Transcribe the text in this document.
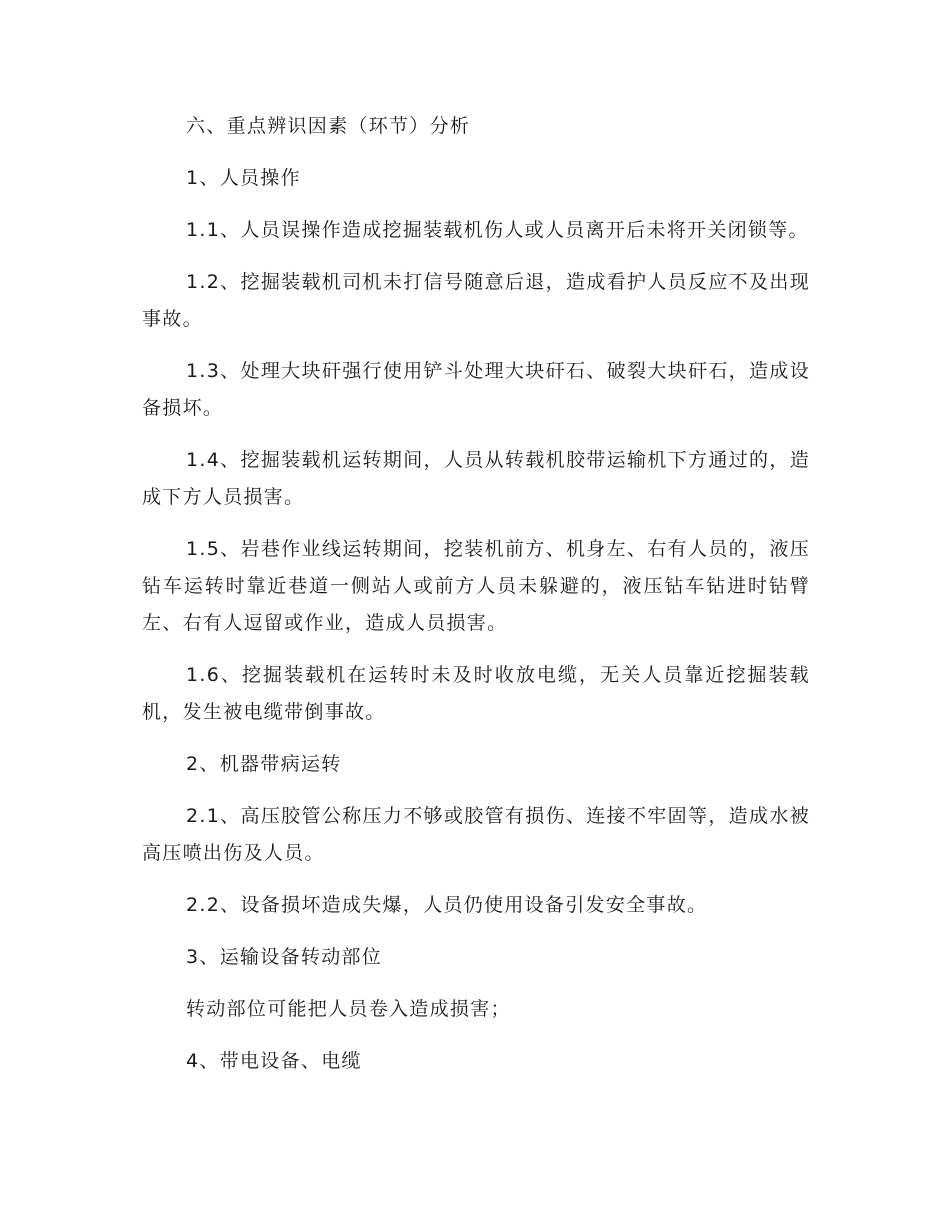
六、重点辨识因素（环节）分析

1、人员操作

1.1、人员误操作造成挖掘装载机伤人或人员离开后未将开关闭锁等。

1.2、挖掘装载机司机未打信号随意后退，造成看护人员反应不及出现事故。

1.3、处理大块矸强行使用铲斗处理大块矸石、破裂大块矸石，造成设备损坏。

1.4、挖掘装载机运转期间，人员从转载机胶带运输机下方通过的，造成下方人员损害。

1.5、岩巷作业线运转期间，挖装机前方、机身左、右有人员的，液压钻车运转时靠近巷道一侧站人或前方人员未躲避的，液压钻车钻进时钻臂左、右有人逗留或作业，造成人员损害。

1.6、挖掘装载机在运转时未及时收放电缆，无关人员靠近挖掘装载机，发生被电缆带倒事故。

2、机器带病运转

2.1、高压胶管公称压力不够或胶管有损伤、连接不牢固等，造成水被高压喷出伤及人员。

2.2、设备损坏造成失爆，人员仍使用设备引发安全事故。

3、运输设备转动部位

转动部位可能把人员卷入造成损害；

4、带电设备、电缆
